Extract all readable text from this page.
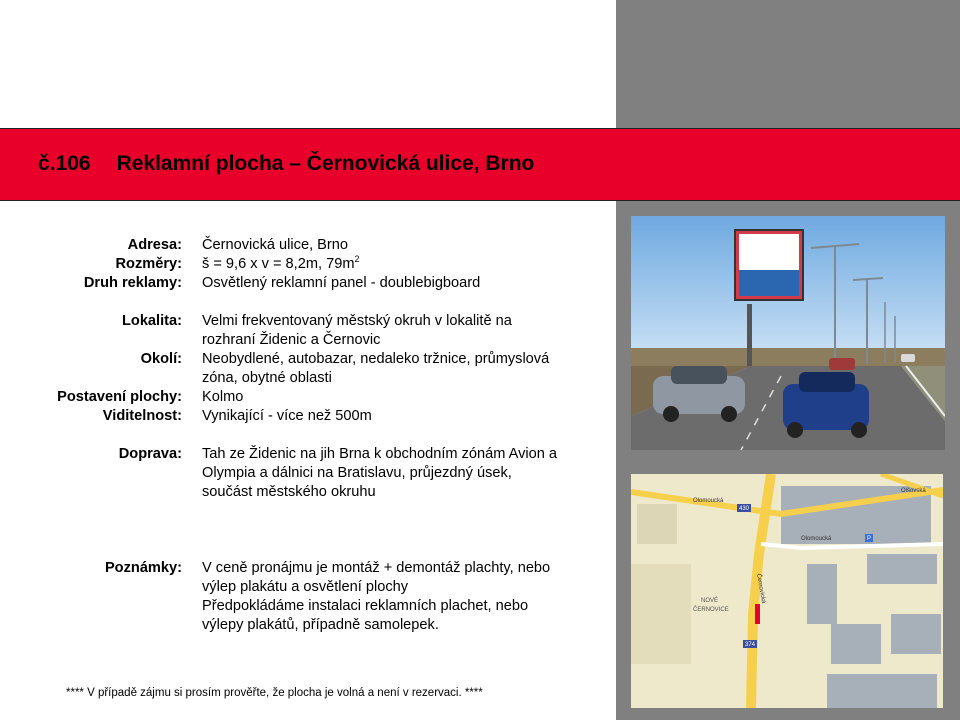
č.106 Reklamní plocha – Černovická ulice, Brno
Adresa: Černovická ulice, Brno
Rozměry: š = 9,6 x v = 8,2m, $79m^2$
Druh reklamy: Osvětlený reklamní panel - doublebigboard
Lokalita: Velmi frekventovaný městský okruh v lokalitě na
rozhraní Židenic a Černovic
Okolí: Neobydlené, autobazar, nedaleko tržnice, průmyslová
zóna, obytné oblasti
Postavení plochy: Kolmo
Viditelnost: Vynikající - více než 500m
Doprava: Tah ze Židenic na jih Brna k obchodním zónám Avion a
Olympia a dálnici na Bratislavu, průjezdný úsek,
součást městského okruhu
Poznámky: V ceně pronájmu je montáž + demontáž plachty, nebo
výlep plakátu a osvětlení plochy
Předpokládáme instalaci reklamních plachet, nebo
výlepy plakátů, případně samolepek.
**** V případě zájmu si prosím prověřte, že plocha je volná a není v rezervaci. ****
Olomoucká
430
Olomoucká
Olšovská
NOVÉ
ČERNOVICE
374
P
Černovická
